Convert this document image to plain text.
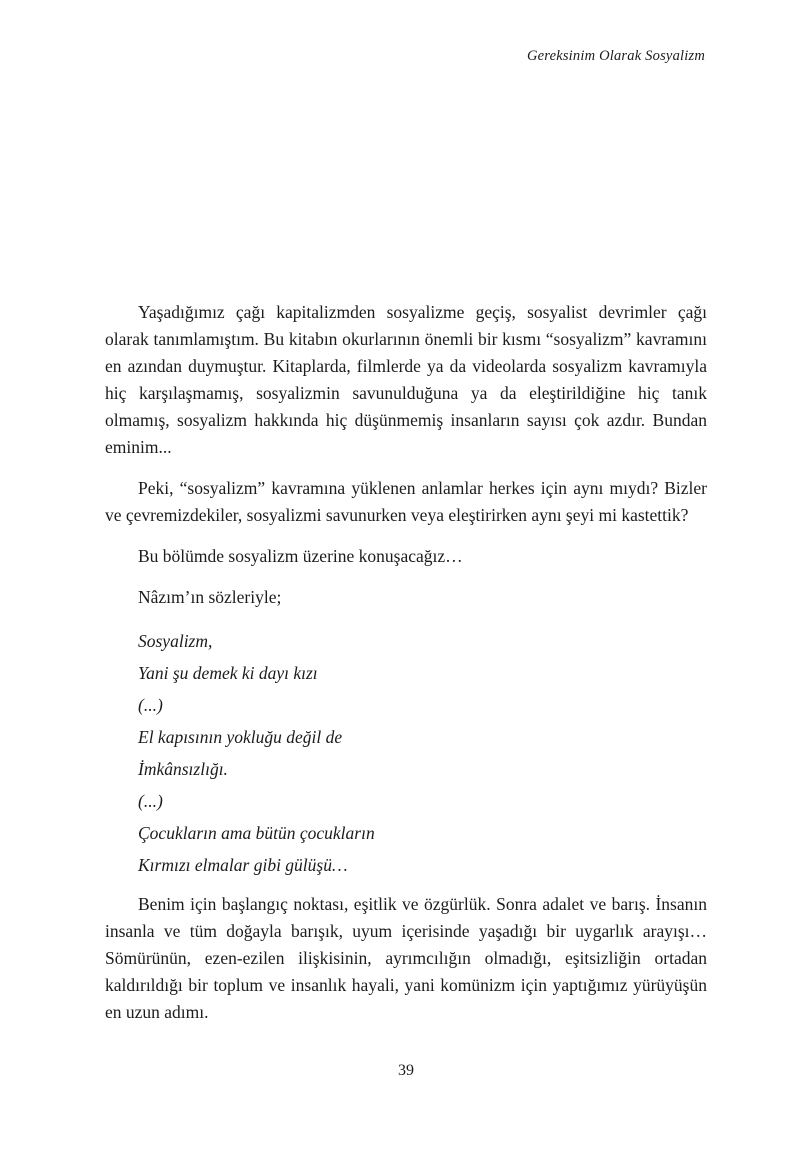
Gereksinim Olarak Sosyalizm

Yaşadığımız çağı kapitalizmden sosyalizme geçiş, sosyalist devrimler çağı olarak tanımlamıştım. Bu kitabın okurlarının önemli bir kısmı “sosyalizm” kavramını en azından duymuştur. Kitaplarda, filmlerde ya da videolarda sosyalizm kavramıyla hiç karşılaşmamış, sosyalizmin savunulduğuna ya da eleştirildiğine hiç tanık olmamış, sosyalizm hakkında hiç düşünmemiş insanların sayısı çok azdır. Bundan eminim...

Peki, “sosyalizm” kavramına yüklenen anlamlar herkes için aynı mıydı? Bizler ve çevremizdekiler, sosyalizmi savunurken veya eleştirirken aynı şeyi mi kastettik?

Bu bölümde sosyalizm üzerine konuşacağız…

Nâzım’ın sözleriyle;

Sosyalizm,

Yani şu demek ki dayı kızı

(...)

El kapısının yokluğu değil de

İmkânsızlığı.

(...)

Çocukların ama bütün çocukların

Kırmızı elmalar gibi gülüşü…

Benim için başlangıç noktası, eşitlik ve özgürlük. Sonra adalet ve barış. İnsanın insanla ve tüm doğayla barışık, uyum içerisinde yaşadığı bir uygarlık arayışı… Sömürünün, ezen-ezilen ilişkisinin, ayrımcılığın olmadığı, eşitsizliğin ortadan kaldırıldığı bir toplum ve insanlık hayali, yani komünizm için yaptığımız yürüyüşün en uzun adımı.

39
